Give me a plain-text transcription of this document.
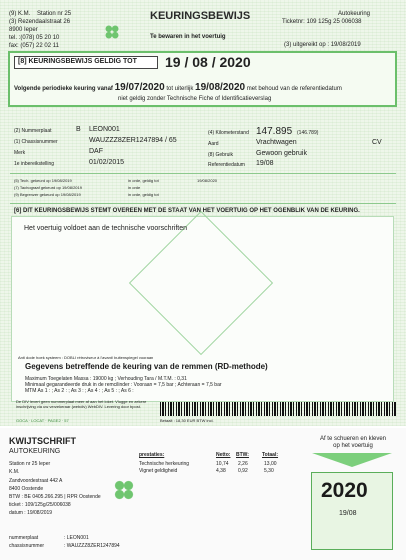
(9) K.M. Station nr 25
(3) Rezendaalstraat 26
8900 Ieper
tel. :(078) 05 20 10
fax: (057) 22 02 11
KEURINGSBEWIJS
Te bewaren in het voertuig
Autokeuring
Ticketnr: 109 125g 25 006038
(3) uitgereikt op : 19/08/2019
[8] KEURINGSBEWIJS GELDIG TOT 19 / 08 / 2020
Volgende periodieke keuring vanaf 19/07/2020 tot uiterlijk 19/08/2020 met behoud van de referentiedatum
niet geldig zonder Technische Fiche of Identificatieverslag
(2) Nummerplaat	B LEON001
(1) Chassisnummer	WAUZZZ8ZER1247894 / 65
Merk	DAF
1e inbereikstelling	01/02/2015
(4) Kilometerstand 147.895 (146.789)
Aard	Vrachtwagen	CV
(8) Gebruik	Gewoon gebruik
Referentiedatum 19/08
(5) Tech. gekeurd op 19/08/2019	in orde, geldig tot	19/08/2020
(7) Tachograaf gekeurd op 19/08/2019	in orde
(9) Begrenzer gekeurd op 19/08/2019	in orde, geldig tot
[6] DIT KEURINGSBEWIJS STEMT OVEREEN MET DE STAAT VAN HET VOERTUIG OP HET OGENBLIK VAN DE KEURING.
Het voertuig voldoet aan de technische voorschriften
Anti dode hoek systeem : DOBLI rétroviseur à l'avant/ buitenspiegel vooraan
Gegevens betreffende de keuring van de remmen (RD-methode)
Maximum Toegelaten Massa : 19000 kg ; Verhouding Tara / M.T.M. : 0,31
Minimaal gegarandeerde druk in de remcilinder : Vooraan = 7,5 bar ; Achteraan = 7,5 bar
MTM As 1 : ; As 2 : ; As 3 : ; As 4 : ; As 5 : ; As 6 :
De DIV levert geen nummerplaat meer af aan het loket. Vlugge en zekere inschrijving via uw verzekeraar (webdiv) WebDIV. Levering door bpost.
Betaalt : 18,30 EUR BTW incl.
GOCA · LOCAT · PAGE2 · 57
KWIJTSCHRIFT
AUTOKEURING
Station nr 25 Ieper
K.M.
Zandvoordestraat 442 A
8400 Oostende
BTW : BE 0405.266.295 | RPR Oostende
ticket : 109/125g/25/006038
datum : 19/08/2019
nummerplaat	: LEON001
chassisnummer	: WAUZZZ8ZER1247894
prestaties:	Netto: BTW:	Totaal:
Technische herkeuring	10,74 2,26	13,00
Vignet geldigheid	4,38 0,92	5,30
Af te schueren en kleven op het voertuig
2020
19/08
